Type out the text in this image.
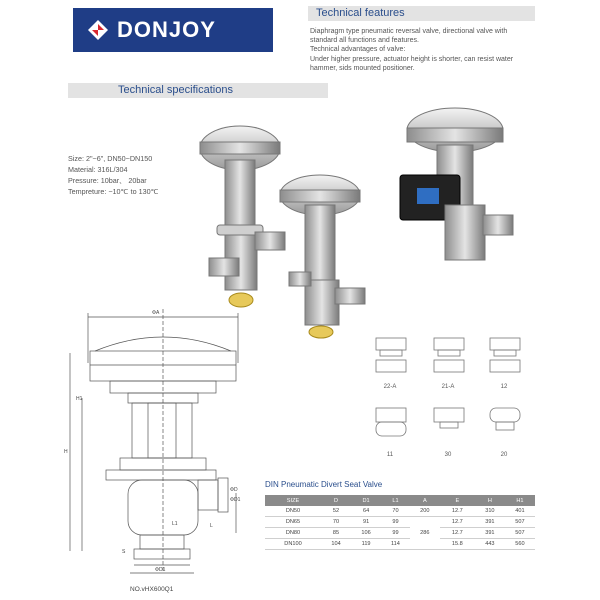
DONJOY
Technical features
Diaphragm type pneumatic reversal valve, directional valve with
standard all functions and features.
Technical advantages of valve:
Under higher pressure, actuator height is shorter, can resist water
hammer, sids mounted positioner.
Technical specifications
Size: 2"~6", DN50~DN150
Material: 316L/304
Pressure: 10bar、 20bar
Tempreture: −10℃ to 130℃
ΦA
H
H1
L
L1
ΦD
ΦD1
S
ΦD1
NO.vHX600Q1
22-A	21-A	12
11	30	20
DIN Pneumatic Divert Seat Valve
SIZE	D	D1	L1	A	E	H	H1
DN50	52	64	70	200	12.7	310	401
DN65	70	91	99	286	12.7	391	507
DN80	85	106	99		12.7	391	507
DN100	104	119	114		15.8	443	560
